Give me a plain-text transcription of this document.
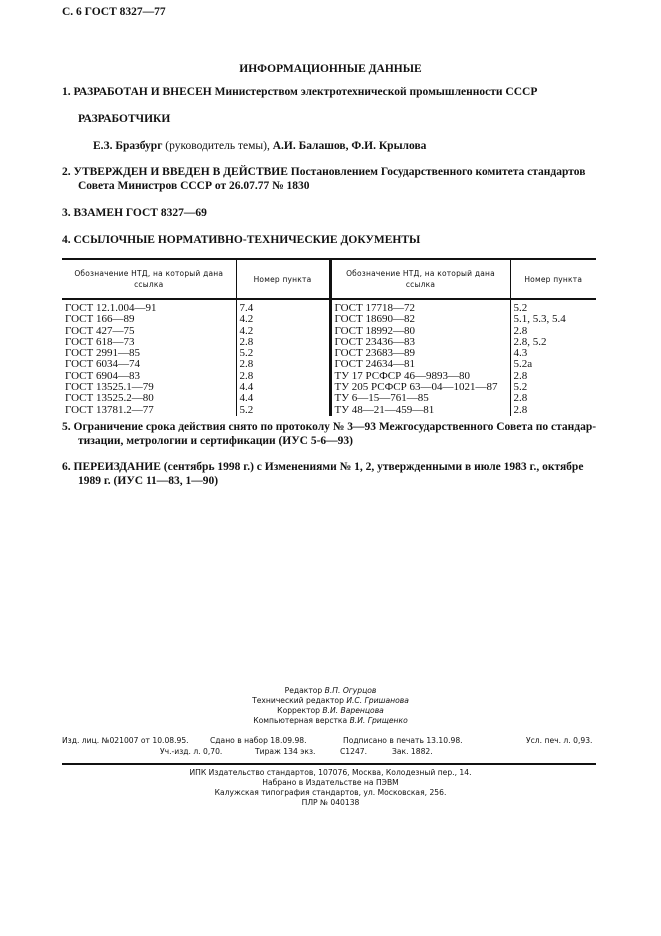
С. 6 ГОСТ 8327—77
ИНФОРМАЦИОННЫЕ ДАННЫЕ
1. РАЗРАБОТАН И ВНЕСЕН Министерством электротехнической промышленности СССР
РАЗРАБОТЧИКИ
Е.З. Бразбург (руководитель темы), А.И. Балашов, Ф.И. Крылова
2. УТВЕРЖДЕН И ВВЕДЕН В ДЕЙСТВИЕ Постановлением Государственного комитета стандартов
Совета Министров СССР от 26.07.77 № 1830
3. ВЗАМЕН ГОСТ 8327—69
4. ССЫЛОЧНЫЕ НОРМАТИВНО-ТЕХНИЧЕСКИЕ ДОКУМЕНТЫ
Обозначение НТД, на который дана ссылка	Номер пункта	Обозначение НТД, на который дана ссылка	Номер пункта
ГОСТ 12.1.004—91	7.4	ГОСТ 17718—72	5.2
ГОСТ 166—89	4.2	ГОСТ 18690—82	5.1, 5.3, 5.4
ГОСТ 427—75	4.2	ГОСТ 18992—80	2.8
ГОСТ 618—73	2.8	ГОСТ 23436—83	2.8, 5.2
ГОСТ 2991—85	5.2	ГОСТ 23683—89	4.3
ГОСТ 6034—74	2.8	ГОСТ 24634—81	5.2а
ГОСТ 6904—83	2.8	ТУ 17 РСФСР 46—9893—80	2.8
ГОСТ 13525.1—79	4.4	ТУ 205 РСФСР 63—04—1021—87	5.2
ГОСТ 13525.2—80	4.4	ТУ 6—15—761—85	2.8
ГОСТ 13781.2—77	5.2	ТУ 48—21—459—81	2.8
5. Ограничение срока действия снято по протоколу № 3—93 Межгосударственного Совета по стандар-
тизации, метрологии и сертификации (ИУС 5-6—93)
6. ПЕРЕИЗДАНИЕ (сентябрь 1998 г.) с Изменениями № 1, 2, утвержденными в июле 1983 г., октябре
1989 г. (ИУС 11—83, 1—90)
Редактор В.П. Огурцов
Технический редактор И.С. Гришанова
Корректор В.И. Варенцова
Компьютерная верстка В.И. Грищенко
Изд. лиц. №021007 от 10.08.95.	Сдано в набор 18.09.98.	Подписано в печать 13.10.98.	Усл. печ. л. 0,93.
Уч.-изд. л. 0,70.	Тираж 134 экз.	С1247.	Зак. 1882.
ИПК Издательство стандартов, 107076, Москва, Колодезный пер., 14.
Набрано в Издательстве на ПЭВМ
Калужская типография стандартов, ул. Московская, 256.
ПЛР № 040138
